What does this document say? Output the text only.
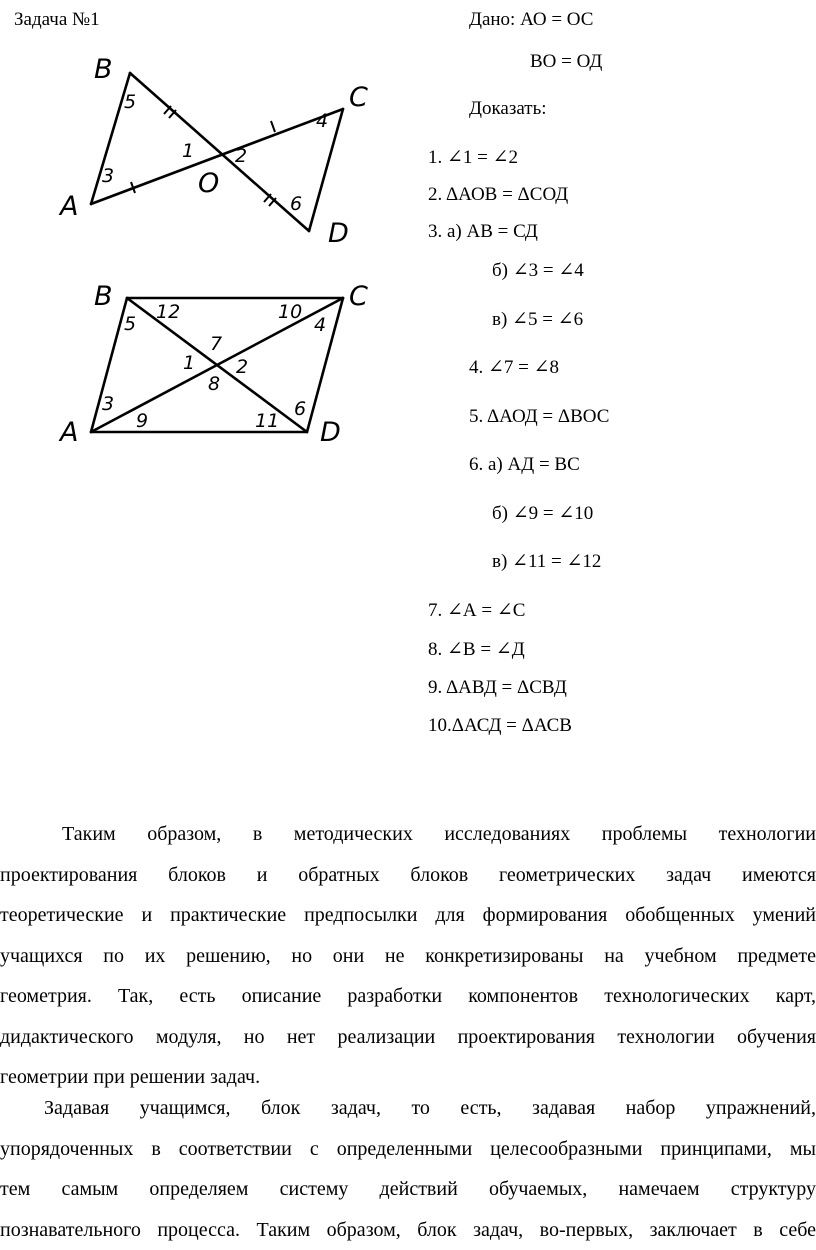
Задача №1	Дано: АО = ОС
ВО = ОД
Доказать:
1. ∠1 = ∠2
2. ΔАОВ = ΔСОД
3. а) АВ = СД
б) ∠3 = ∠4
в) ∠5 = ∠6
4. ∠7 = ∠8
5. ΔАОД = ΔВОС
6. а) АД = ВС
б) ∠9 = ∠10
в) ∠11 = ∠12
7. ∠А = ∠С
8. ∠В = ∠Д
9. ΔАВД = ΔСВД
10.ΔАСД = ΔАСВ
B
C
A
D
O
5
4
1 2
3
6
B	C
A	D
12	10
5	4
7
1 2
8
3	6
9	11
Таким образом, в методических исследованиях проблемы технологии
проектирования блоков и обратных блоков геометрических задач имеются
теоретические и практические предпосылки для формирования обобщенных умений
учащихся по их решению, но они не конкретизированы на учебном предмете
геометрия. Так, есть описание разработки компонентов технологических карт,
дидактического модуля, но нет реализации проектирования технологии обучения
геометрии при решении задач.
Задавая учащимся, блок задач, то есть, задавая набор упражнений,
упорядоченных в соответствии с определенными целесообразными принципами, мы
тем самым определяем систему действий обучаемых, намечаем структуру
познавательного процесса. Таким образом, блок задач, во-первых, заключает в себе
